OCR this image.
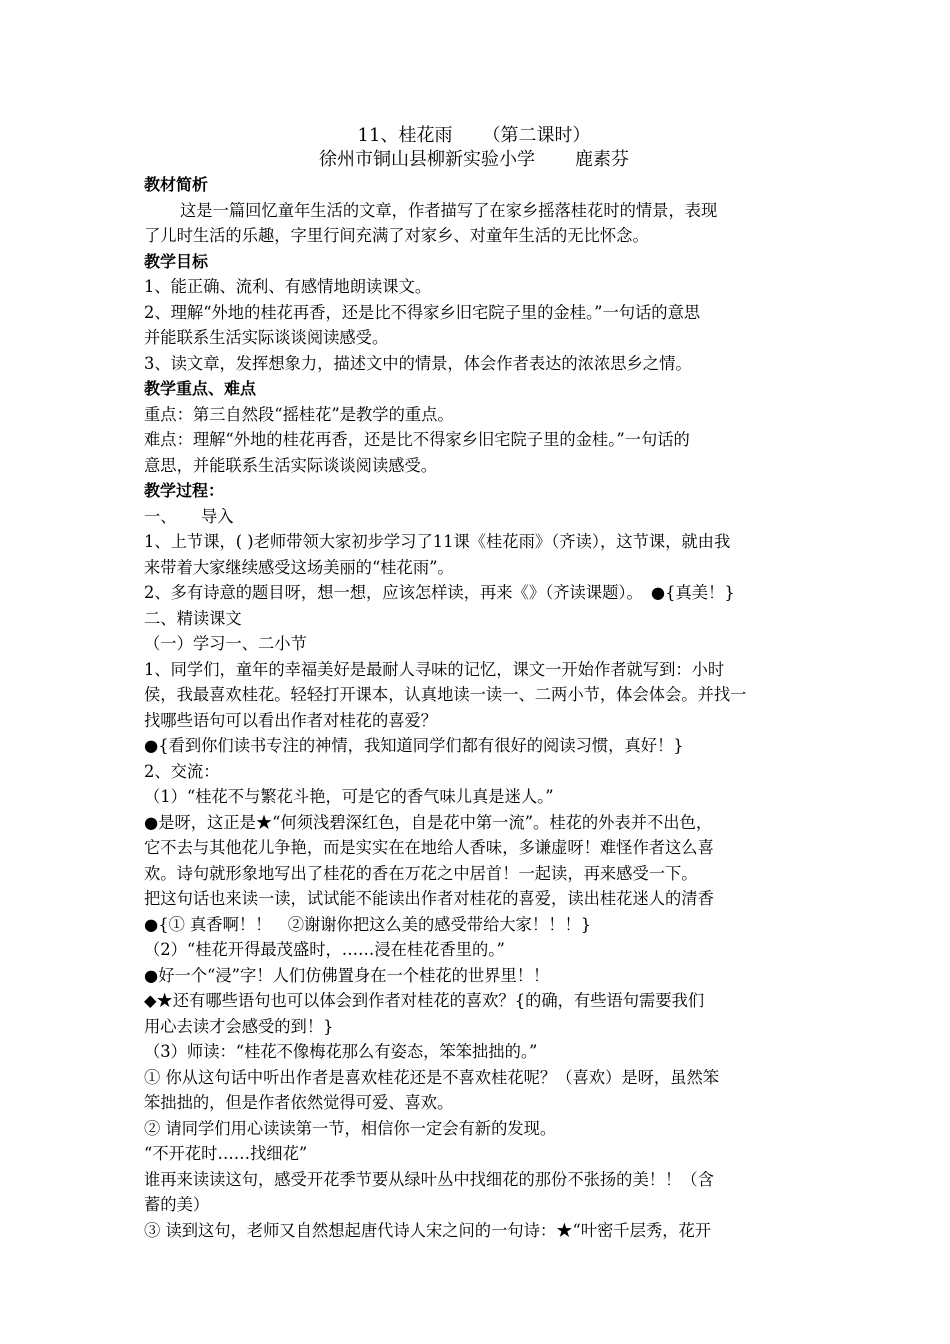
11、桂花雨 （第二课时）
徐州市铜山县柳新实验小学 鹿素芬
教材简析
这是一篇回忆童年生活的文章，作者描写了在家乡摇落桂花时的情景，表现
了儿时生活的乐趣，字里行间充满了对家乡、对童年生活的无比怀念。
教学目标
1、能正确、流利、有感情地朗读课文。
2、理解“外地的桂花再香，还是比不得家乡旧宅院子里的金桂。”一句话的意思
并能联系生活实际谈谈阅读感受。
3、读文章，发挥想象力，描述文中的情景，体会作者表达的浓浓思乡之情。
教学重点、难点
重点：第三自然段“摇桂花”是教学的重点。
难点：理解“外地的桂花再香，还是比不得家乡旧宅院子里的金桂。”一句话的
意思，并能联系生活实际谈谈阅读感受。
教学过程：
一、　　导入
1、上节课，( )老师带领大家初步学习了11课《桂花雨》（齐读），这节课，就由我
来带着大家继续感受这场美丽的“桂花雨”。
2、多有诗意的题目呀，想一想，应该怎样读，再来《》（齐读课题）。　●{真美！}
二、精读课文
（一）学习一、二小节
1、同学们，童年的幸福美好是最耐人寻味的记忆，课文一开始作者就写到：小时
侯，我最喜欢桂花。轻轻打开课本，认真地读一读一、二两小节，体会体会。并找一
找哪些语句可以看出作者对桂花的喜爱？
●{看到你们读书专注的神情，我知道同学们都有很好的阅读习惯，真好！}
2、交流：
（1）“桂花不与繁花斗艳，可是它的香气味儿真是迷人。”
●是呀，这正是★“何须浅碧深红色，自是花中第一流”。桂花的外表并不出色，
它不去与其他花儿争艳，而是实实在在地给人香味，多谦虚呀！难怪作者这么喜
欢。诗句就形象地写出了桂花的香在万花之中居首！一起读，再来感受一下。
把这句话也来读一读，试试能不能读出作者对桂花的喜爱，读出桂花迷人的清香
●{① 真香啊！！　②谢谢你把这么美的感受带给大家！！！}
（2）“桂花开得最茂盛时，……浸在桂花香里的。”
●好一个“浸”字！人们仿佛置身在一个桂花的世界里！！
◆★还有哪些语句也可以体会到作者对桂花的喜欢？{的确，有些语句需要我们
用心去读才会感受的到！}
（3）师读：“桂花不像梅花那么有姿态，笨笨拙拙的。”
① 你从这句话中听出作者是喜欢桂花还是不喜欢桂花呢？（喜欢）是呀，虽然笨
笨拙拙的，但是作者依然觉得可爱、喜欢。
② 请同学们用心读读第一节，相信你一定会有新的发现。
“不开花时……找细花”
谁再来读读这句，感受开花季节要从绿叶丛中找细花的那份不张扬的美！！（含
蓄的美）
③ 读到这句，老师又自然想起唐代诗人宋之问的一句诗：★“叶密千层秀，花开
